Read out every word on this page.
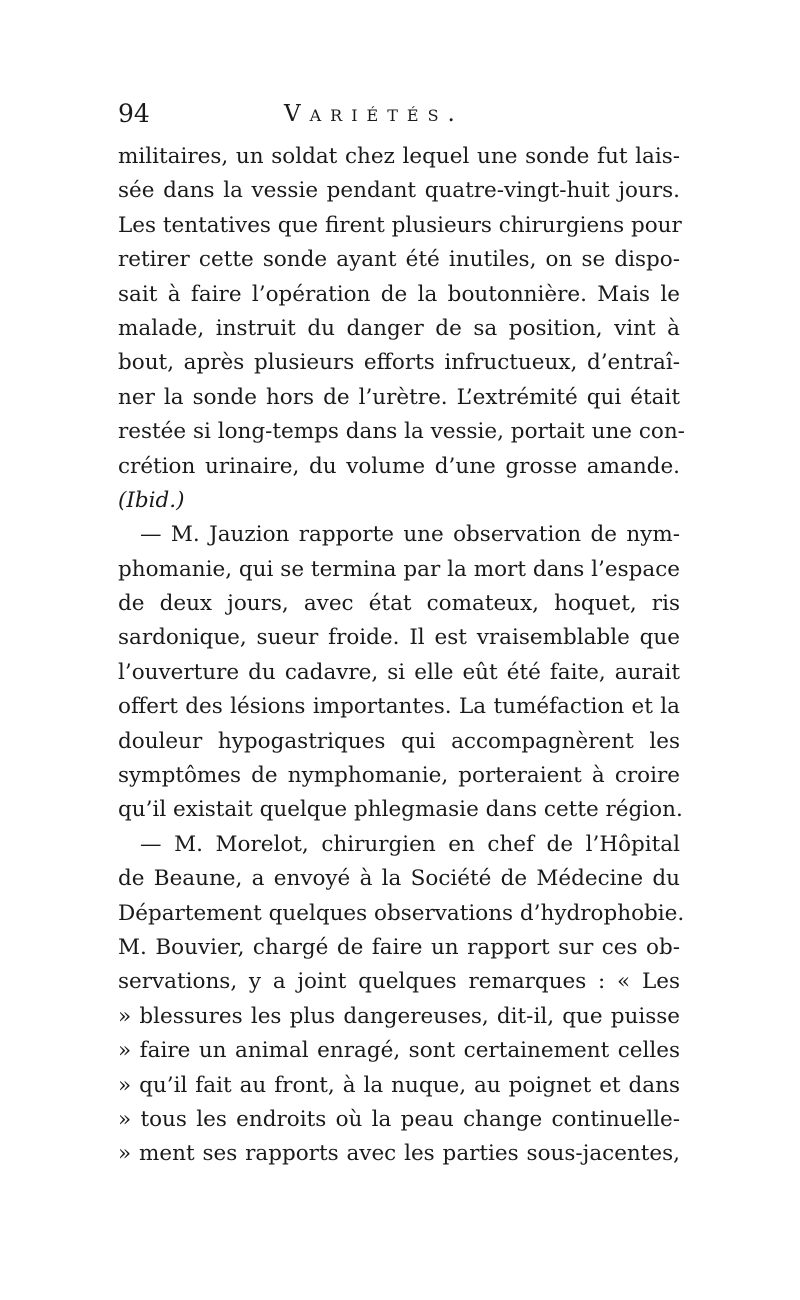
94	Variétés.
militaires, un soldat chez lequel une sonde fut lais-
sée dans la vessie pendant quatre-vingt-huit jours.
Les tentatives que firent plusieurs chirurgiens pour
retirer cette sonde ayant été inutiles, on se dispo-
sait à faire l’opération de la boutonnière. Mais le
malade, instruit du danger de sa position, vint à
bout, après plusieurs efforts infructueux, d’entraî-
ner la sonde hors de l’urètre. L’extrémité qui était
restée si long-temps dans la vessie, portait une con-
crétion urinaire, du volume d’une grosse amande.
(Ibid.)
— M. Jauzion rapporte une observation de nym-
phomanie, qui se termina par la mort dans l’espace
de deux jours, avec état comateux, hoquet, ris
sardonique, sueur froide. Il est vraisemblable que
l’ouverture du cadavre, si elle eût été faite, aurait
offert des lésions importantes. La tuméfaction et la
douleur hypogastriques qui accompagnèrent les
symptômes de nymphomanie, porteraient à croire
qu’il existait quelque phlegmasie dans cette région.
— M. Morelot, chirurgien en chef de l’Hôpital
de Beaune, a envoyé à la Société de Médecine du
Département quelques observations d’hydrophobie.
M. Bouvier, chargé de faire un rapport sur ces ob-
servations, y a joint quelques remarques : « Les
» blessures les plus dangereuses, dit-il, que puisse
» faire un animal enragé, sont certainement celles
» qu’il fait au front, à la nuque, au poignet et dans
» tous les endroits où la peau change continuelle-
» ment ses rapports avec les parties sous-jacentes,
